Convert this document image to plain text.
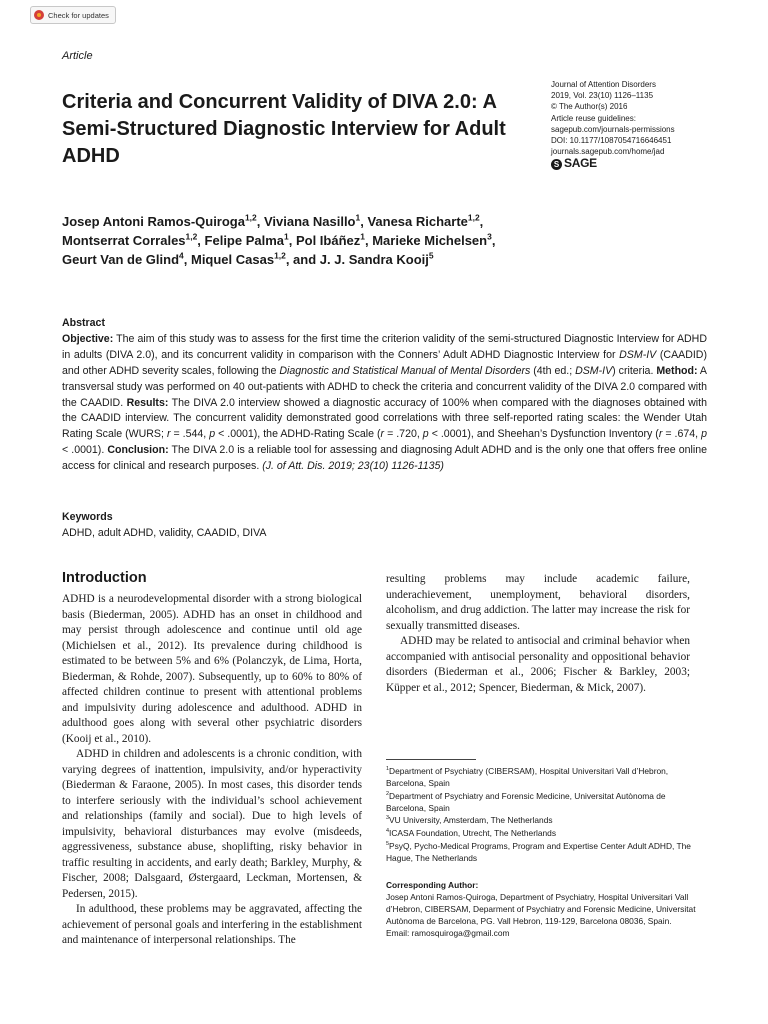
Check for updates
Article
Criteria and Concurrent Validity of DIVA 2.0: A Semi-Structured Diagnostic Interview for Adult ADHD
Journal of Attention Disorders
2019, Vol. 23(10) 1126–1135
© The Author(s) 2016
Article reuse guidelines:
sagepub.com/journals-permissions
DOI: 10.1177/1087054716646451
journals.sagepub.com/home/jad
S SAGE
Josep Antoni Ramos-Quiroga$^{1,2}$, Viviana Nasillo$^1$, Vanesa Richarte$^{1,2}$,
Montserrat Corrales$^{1,2}$, Felipe Palma$^1$, Pol Ibáñez$^1$, Marieke Michelsen$^3$,
Geurt Van de Glind$^4$, Miquel Casas$^{1,2}$, and J. J. Sandra Kooij$^5$
Abstract

Objective: The aim of this study was to assess for the first time the criterion validity of the semi-structured Diagnostic Interview for ADHD in adults (DIVA 2.0), and its concurrent validity in comparison with the Conners’ Adult ADHD Diagnostic Interview for DSM-IV (CAADID) and other ADHD severity scales, following the Diagnostic and Statistical Manual of Mental Disorders (4th ed.; DSM-IV) criteria. Method: A transversal study was performed on 40 out-patients with ADHD to check the criteria and concurrent validity of the DIVA 2.0 compared with the CAADID. Results: The DIVA 2.0 interview showed a diagnostic accuracy of 100% when compared with the diagnoses obtained with the CAADID interview. The concurrent validity demonstrated good correlations with three self-reported rating scales: the Wender Utah Rating Scale (WURS; r = .544, p < .0001), the ADHD-Rating Scale (r = .720, p < .0001), and Sheehan’s Dysfunction Inventory (r = .674, p < .0001). Conclusion: The DIVA 2.0 is a reliable tool for assessing and diagnosing Adult ADHD and is the only one that offers free online access for clinical and research purposes. (J. of Att. Dis. 2019; 23(10) 1126-1135)

Keywords
ADHD, adult ADHD, validity, CAADID, DIVA
Introduction

ADHD is a neurodevelopmental disorder with a strong biological basis (Biederman, 2005). ADHD has an onset in childhood and may persist through adolescence and continue until old age (Michielsen et al., 2012). Its prevalence during childhood is estimated to be between 5% and 6% (Polanczyk, de Lima, Horta, Biederman, & Rohde, 2007). Subsequently, up to 60% to 80% of affected children continue to present with attentional problems and impulsivity during adolescence and adulthood. ADHD in adulthood goes along with several other psychiatric disorders (Kooij et al., 2010).

ADHD in children and adolescents is a chronic condition, with varying degrees of inattention, impulsivity, and/or hyperactivity (Biederman & Faraone, 2005). In most cases, this disorder tends to interfere seriously with the individual’s school achievement and relationships (family and social). Due to high levels of impulsivity, behavioral disturbances may evolve (misdeeds, aggressiveness, substance abuse, shoplifting, risky behavior in traffic resulting in accidents, and early death; Barkley, Murphy, & Fischer, 2008; Dalsgaard, Østergaard, Leckman, Mortensen, & Pedersen, 2015).

In adulthood, these problems may be aggravated, affecting the achievement of personal goals and interfering in the establishment and maintenance of interpersonal relationships. The

resulting problems may include academic failure, underachievement, unemployment, behavioral disorders, alcoholism, and drug addiction. The latter may increase the risk for sexually transmitted diseases.

ADHD may be related to antisocial and criminal behavior when accompanied with antisocial personality and oppositional behavior disorders (Biederman et al., 2006; Fischer & Barkley, 2003; Küpper et al., 2012; Spencer, Biederman, & Mick, 2007).

$^1$Department of Psychiatry (CIBERSAM), Hospital Universitari Vall d’Hebron, Barcelona, Spain
$^2$Department of Psychiatry and Forensic Medicine, Universitat Autònoma de Barcelona, Spain
$^3$VU University, Amsterdam, The Netherlands
$^4$ICASA Foundation, Utrecht, The Netherlands
$^5$PsyQ, Pycho-Medical Programs, Program and Expertise Center Adult ADHD, The Hague, The Netherlands
Corresponding Author:
Josep Antoni Ramos-Quiroga, Department of Psychiatry, Hospital Universitari Vall d’Hebron, CIBERSAM, Deparment of Psychiatry and Forensic Medicine, Universitat Autònoma de Barcelona, PG. Vall Hebron, 119-129, Barcelona 08036, Spain.
Email: ramosquiroga@gmail.com
